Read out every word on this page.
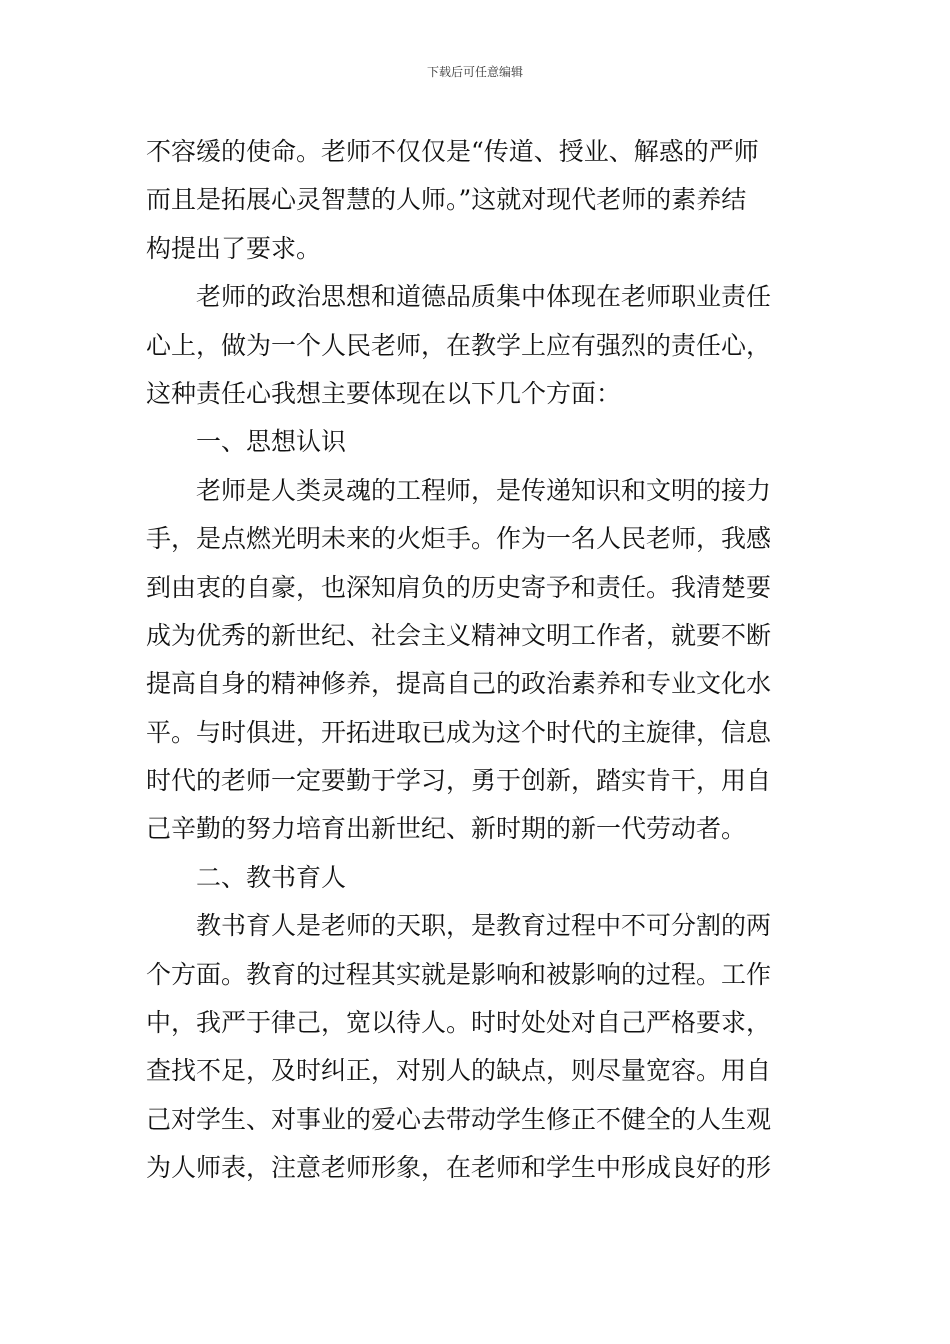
下载后可任意编辑
不容缓的使命。老师不仅仅是“传道、授业、解惑的严师
而且是拓展心灵智慧的人师。”这就对现代老师的素养结
构提出了要求。
　　老师的政治思想和道德品质集中体现在老师职业责任
心上，做为一个人民老师，在教学上应有强烈的责任心，
这种责任心我想主要体现在以下几个方面：
　　一、思想认识
　　老师是人类灵魂的工程师，是传递知识和文明的接力
手，是点燃光明未来的火炬手。作为一名人民老师，我感
到由衷的自豪，也深知肩负的历史寄予和责任。我清楚要
成为优秀的新世纪、社会主义精神文明工作者，就要不断
提高自身的精神修养，提高自己的政治素养和专业文化水
平。与时俱进，开拓进取已成为这个时代的主旋律，信息
时代的老师一定要勤于学习，勇于创新，踏实肯干，用自
己辛勤的努力培育出新世纪、新时期的新一代劳动者。
　　二、教书育人
　　教书育人是老师的天职，是教育过程中不可分割的两
个方面。教育的过程其实就是影响和被影响的过程。工作
中，我严于律己，宽以待人。时时处处对自己严格要求，
查找不足，及时纠正，对别人的缺点，则尽量宽容。用自
己对学生、对事业的爱心去带动学生修正不健全的人生观
为人师表，注意老师形象，在老师和学生中形成良好的形
